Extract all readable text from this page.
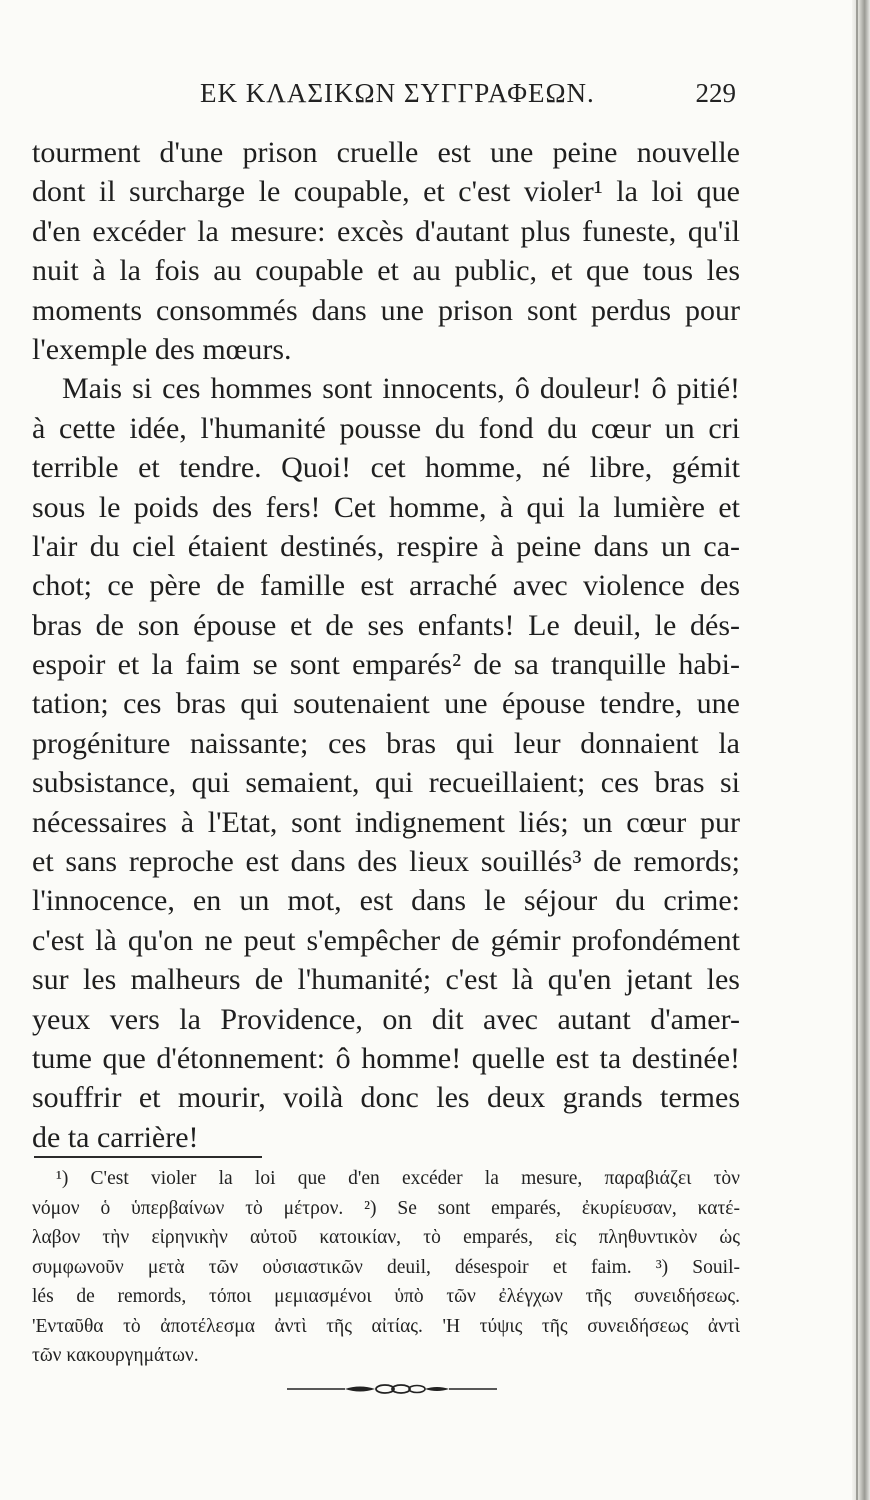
ΕΚ ΚΛΑΣΙΚΩΝ ΣΥΓΓΡΑΦΕΩΝ.	229
tourment d'une prison cruelle est une peine nouvelle
dont il surcharge le coupable, et c'est violer¹ la loi que
d'en excéder la mesure: excès d'autant plus funeste, qu'il
nuit à la fois au coupable et au public, et que tous les
moments consommés dans une prison sont perdus pour
l'exemple des mœurs.
Mais si ces hommes sont innocents, ô douleur! ô pitié!
à cette idée, l'humanité pousse du fond du cœur un cri
terrible et tendre. Quoi! cet homme, né libre, gémit
sous le poids des fers! Cet homme, à qui la lumière et
l'air du ciel étaient destinés, respire à peine dans un ca-
chot; ce père de famille est arraché avec violence des
bras de son épouse et de ses enfants! Le deuil, le dés-
espoir et la faim se sont emparés² de sa tranquille habi-
tation; ces bras qui soutenaient une épouse tendre, une
progéniture naissante; ces bras qui leur donnaient la
subsistance, qui semaient, qui recueillaient; ces bras si
nécessaires à l'Etat, sont indignement liés; un cœur pur
et sans reproche est dans des lieux souillés³ de remords;
l'innocence, en un mot, est dans le séjour du crime:
c'est là qu'on ne peut s'empêcher de gémir profondément
sur les malheurs de l'humanité; c'est là qu'en jetant les
yeux vers la Providence, on dit avec autant d'amer-
tume que d'étonnement: ô homme! quelle est ta destinée!
souffrir et mourir, voilà donc les deux grands termes
de ta carrière!
¹) C'est violer la loi que d'en excéder la mesure, παραβιάζει τὸν
νόμον ὁ ὑπερβαίνων τὸ μέτρον. ²) Se sont emparés, ἐκυρίευσαν, κατέ-
λαβον τὴν εἰρηνικὴν αὐτοῦ κατοικίαν, τὸ emparés, εἰς πληθυντικὸν ὡς
συμφωνοῦν μετὰ τῶν οὐσιαστικῶν deuil, désespoir et faim. ³) Souil-
lés de remords, τόποι μεμιασμένοι ὑπὸ τῶν ἐλέγχων τῆς συνειδήσεως.
'Ενταῦθα τὸ ἀποτέλεσμα ἀντὶ τῆς αἰτίας. 'Η τύψις τῆς συνειδήσεως ἀντὶ
τῶν κακουργημάτων.
